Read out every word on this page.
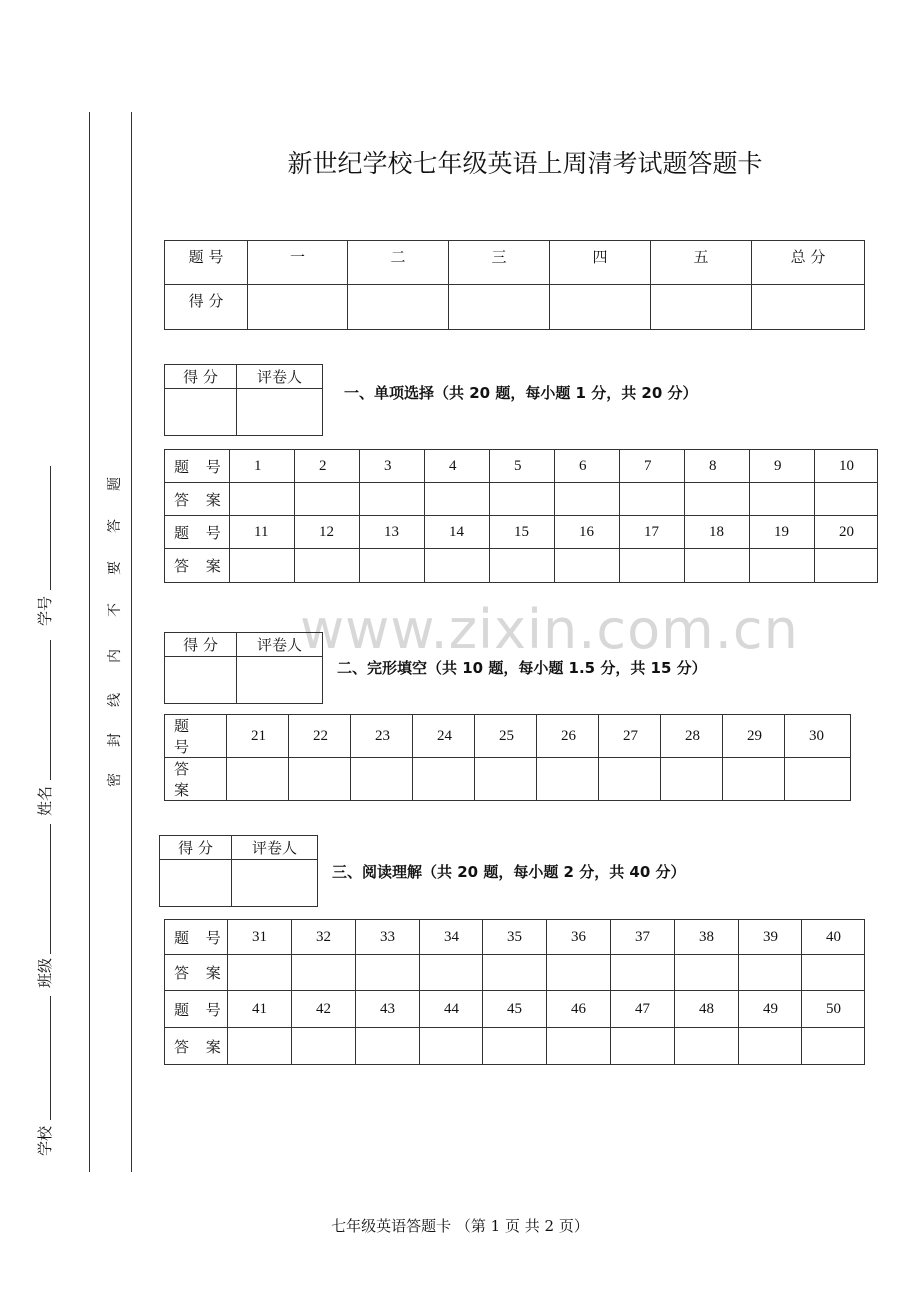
学号
姓名
班级
学校
密
封
线
内
不
要
答
题
新世纪学校七年级英语上周清考试题答题卡
题 号	一	二	三	四	五	总 分
得 分						
得 分	评卷人

一、单项选择（共 20 题，每小题 1 分，共 20 分）
题 号	1	2	3	4	5	6	7	8	9	10
答 案										
题 号	11	12	13	14	15	16	17	18	19	20
答 案										
www.zixin.com.cn
得 分	评卷人

二、完形填空（共 10 题，每小题 1.5 分，共 15 分）
题 号	21	22	23	24	25	26	27	28	29	30
答 案										
得 分	评卷人

三、阅读理解（共 20 题，每小题 2 分，共 40 分）
题 号	31	32	33	34	35	36	37	38	39	40
答 案										
题 号	41	42	43	44	45	46	47	48	49	50
答 案										
七年级英语答题卡 （第 1 页 共 2 页）
